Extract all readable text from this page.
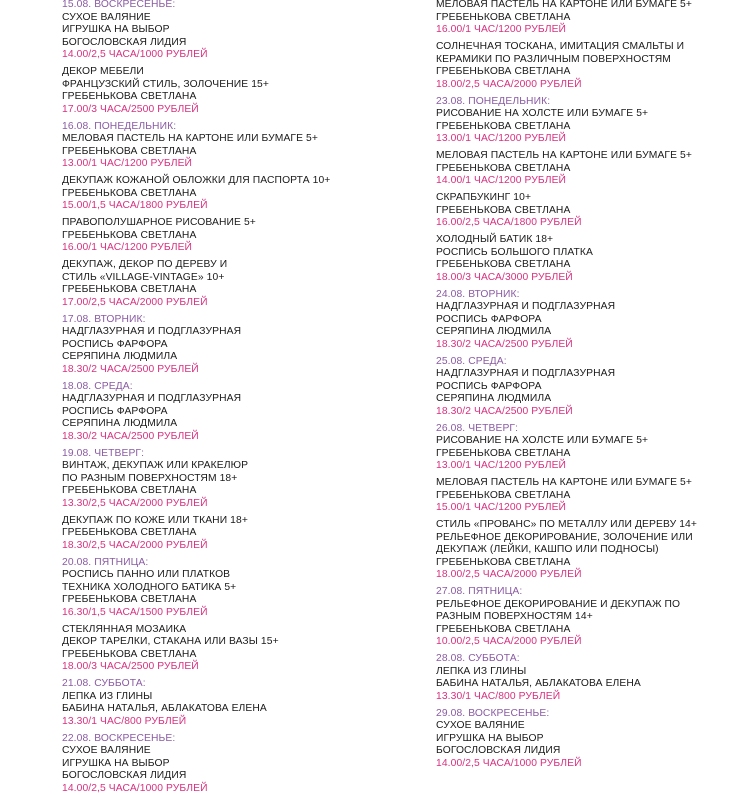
15.08. ВОСКРЕСЕНЬЕ:
СУХОЕ ВАЛЯНИЕ
ИГРУШКА НА ВЫБОР
БОГОСЛОВСКАЯ ЛИДИЯ
14.00/2,5 ЧАСА/1000 РУБЛЕЙ
ДЕКОР МЕБЕЛИ
ФРАНЦУЗСКИЙ СТИЛЬ, ЗОЛОЧЕНИЕ 15+
ГРЕБЕНЬКОВА СВЕТЛАНА
17.00/3 ЧАСА/2500 РУБЛЕЙ
16.08. ПОНЕДЕЛЬНИК:
МЕЛОВАЯ ПАСТЕЛЬ НА КАРТОНЕ ИЛИ БУМАГЕ 5+
ГРЕБЕНЬКОВА СВЕТЛАНА
13.00/1 ЧАС/1200 РУБЛЕЙ
ДЕКУПАЖ КОЖАНОЙ ОБЛОЖКИ ДЛЯ ПАСПОРТА 10+
ГРЕБЕНЬКОВА СВЕТЛАНА
15.00/1,5 ЧАСА/1800 РУБЛЕЙ
ПРАВОПОЛУШАРНОЕ РИСОВАНИЕ 5+
ГРЕБЕНЬКОВА СВЕТЛАНА
16.00/1 ЧАС/1200 РУБЛЕЙ
ДЕКУПАЖ, ДЕКОР ПО ДЕРЕВУ И
СТИЛЬ «VILLAGE-VINTAGE» 10+
ГРЕБЕНЬКОВА СВЕТЛАНА
17.00/2,5 ЧАСА/2000 РУБЛЕЙ
17.08. ВТОРНИК:
НАДГЛАЗУРНАЯ И ПОДГЛАЗУРНАЯ
РОСПИСЬ ФАРФОРА
СЕРЯПИНА ЛЮДМИЛА
18.30/2 ЧАСА/2500 РУБЛЕЙ
18.08. СРЕДА:
НАДГЛАЗУРНАЯ И ПОДГЛАЗУРНАЯ
РОСПИСЬ ФАРФОРА
СЕРЯПИНА ЛЮДМИЛА
18.30/2 ЧАСА/2500 РУБЛЕЙ
19.08. ЧЕТВЕРГ:
ВИНТАЖ, ДЕКУПАЖ ИЛИ КРАКЕЛЮР
ПО РАЗНЫМ ПОВЕРХНОСТЯМ 18+
ГРЕБЕНЬКОВА СВЕТЛАНА
13.30/2,5 ЧАСА/2000 РУБЛЕЙ
ДЕКУПАЖ ПО КОЖЕ ИЛИ ТКАНИ 18+
ГРЕБЕНЬКОВА СВЕТЛАНА
18.30/2,5 ЧАСА/2000 РУБЛЕЙ
20.08. ПЯТНИЦА:
РОСПИСЬ ПАННО ИЛИ ПЛАТКОВ
ТЕХНИКА ХОЛОДНОГО БАТИКА 5+
ГРЕБЕНЬКОВА СВЕТЛАНА
16.30/1,5 ЧАСА/1500 РУБЛЕЙ
СТЕКЛЯННАЯ МОЗАИКА
ДЕКОР ТАРЕЛКИ, СТАКАНА ИЛИ ВАЗЫ 15+
ГРЕБЕНЬКОВА СВЕТЛАНА
18.00/3 ЧАСА/2500 РУБЛЕЙ
21.08. СУББОТА:
ЛЕПКА ИЗ ГЛИНЫ
БАБИНА НАТАЛЬЯ, АБЛАКАТОВА ЕЛЕНА
13.30/1 ЧАС/800 РУБЛЕЙ
22.08. ВОСКРЕСЕНЬЕ:
СУХОЕ ВАЛЯНИЕ
ИГРУШКА НА ВЫБОР
БОГОСЛОВСКАЯ ЛИДИЯ
14.00/2,5 ЧАСА/1000 РУБЛЕЙ
МЕЛОВАЯ ПАСТЕЛЬ НА КАРТОНЕ ИЛИ БУМАГЕ 5+
ГРЕБЕНЬКОВА СВЕТЛАНА
16.00/1 ЧАС/1200 РУБЛЕЙ
СОЛНЕЧНАЯ ТОСКАНА, ИМИТАЦИЯ СМАЛЬТЫ И
КЕРАМИКИ ПО РАЗЛИЧНЫМ ПОВЕРХНОСТЯМ
ГРЕБЕНЬКОВА СВЕТЛАНА
18.00/2,5 ЧАСА/2000 РУБЛЕЙ
23.08. ПОНЕДЕЛЬНИК:
РИСОВАНИЕ НА ХОЛСТЕ ИЛИ БУМАГЕ 5+
ГРЕБЕНЬКОВА СВЕТЛАНА
13.00/1 ЧАС/1200 РУБЛЕЙ
МЕЛОВАЯ ПАСТЕЛЬ НА КАРТОНЕ ИЛИ БУМАГЕ 5+
ГРЕБЕНЬКОВА СВЕТЛАНА
14.00/1 ЧАС/1200 РУБЛЕЙ
СКРАПБУКИНГ 10+
ГРЕБЕНЬКОВА СВЕТЛАНА
16.00/2,5 ЧАСА/1800 РУБЛЕЙ
ХОЛОДНЫЙ БАТИК 18+
РОСПИСЬ БОЛЬШОГО ПЛАТКА
ГРЕБЕНЬКОВА СВЕТЛАНА
18.00/3 ЧАСА/3000 РУБЛЕЙ
24.08. ВТОРНИК:
НАДГЛАЗУРНАЯ И ПОДГЛАЗУРНАЯ
РОСПИСЬ ФАРФОРА
СЕРЯПИНА ЛЮДМИЛА
18.30/2 ЧАСА/2500 РУБЛЕЙ
25.08. СРЕДА:
НАДГЛАЗУРНАЯ И ПОДГЛАЗУРНАЯ
РОСПИСЬ ФАРФОРА
СЕРЯПИНА ЛЮДМИЛА
18.30/2 ЧАСА/2500 РУБЛЕЙ
26.08. ЧЕТВЕРГ:
РИСОВАНИЕ НА ХОЛСТЕ ИЛИ БУМАГЕ 5+
ГРЕБЕНЬКОВА СВЕТЛАНА
13.00/1 ЧАС/1200 РУБЛЕЙ
МЕЛОВАЯ ПАСТЕЛЬ НА КАРТОНЕ ИЛИ БУМАГЕ 5+
ГРЕБЕНЬКОВА СВЕТЛАНА
15.00/1 ЧАС/1200 РУБЛЕЙ
СТИЛЬ «ПРОВАНС» ПО МЕТАЛЛУ ИЛИ ДЕРЕВУ 14+
РЕЛЬЕФНОЕ ДЕКОРИРОВАНИЕ, ЗОЛОЧЕНИЕ ИЛИ
ДЕКУПАЖ (ЛЕЙКИ, КАШПО ИЛИ ПОДНОСЫ)
ГРЕБЕНЬКОВА СВЕТЛАНА
18.00/2,5 ЧАСА/2000 РУБЛЕЙ
27.08. ПЯТНИЦА:
РЕЛЬЕФНОЕ ДЕКОРИРОВАНИЕ И ДЕКУПАЖ ПО
РАЗНЫМ ПОВЕРХНОСТЯМ 14+
ГРЕБЕНЬКОВА СВЕТЛАНА
10.00/2,5 ЧАСА/2000 РУБЛЕЙ
28.08. СУББОТА:
ЛЕПКА ИЗ ГЛИНЫ
БАБИНА НАТАЛЬЯ, АБЛАКАТОВА ЕЛЕНА
13.30/1 ЧАС/800 РУБЛЕЙ
29.08. ВОСКРЕСЕНЬЕ:
СУХОЕ ВАЛЯНИЕ
ИГРУШКА НА ВЫБОР
БОГОСЛОВСКАЯ ЛИДИЯ
14.00/2,5 ЧАСА/1000 РУБЛЕЙ
